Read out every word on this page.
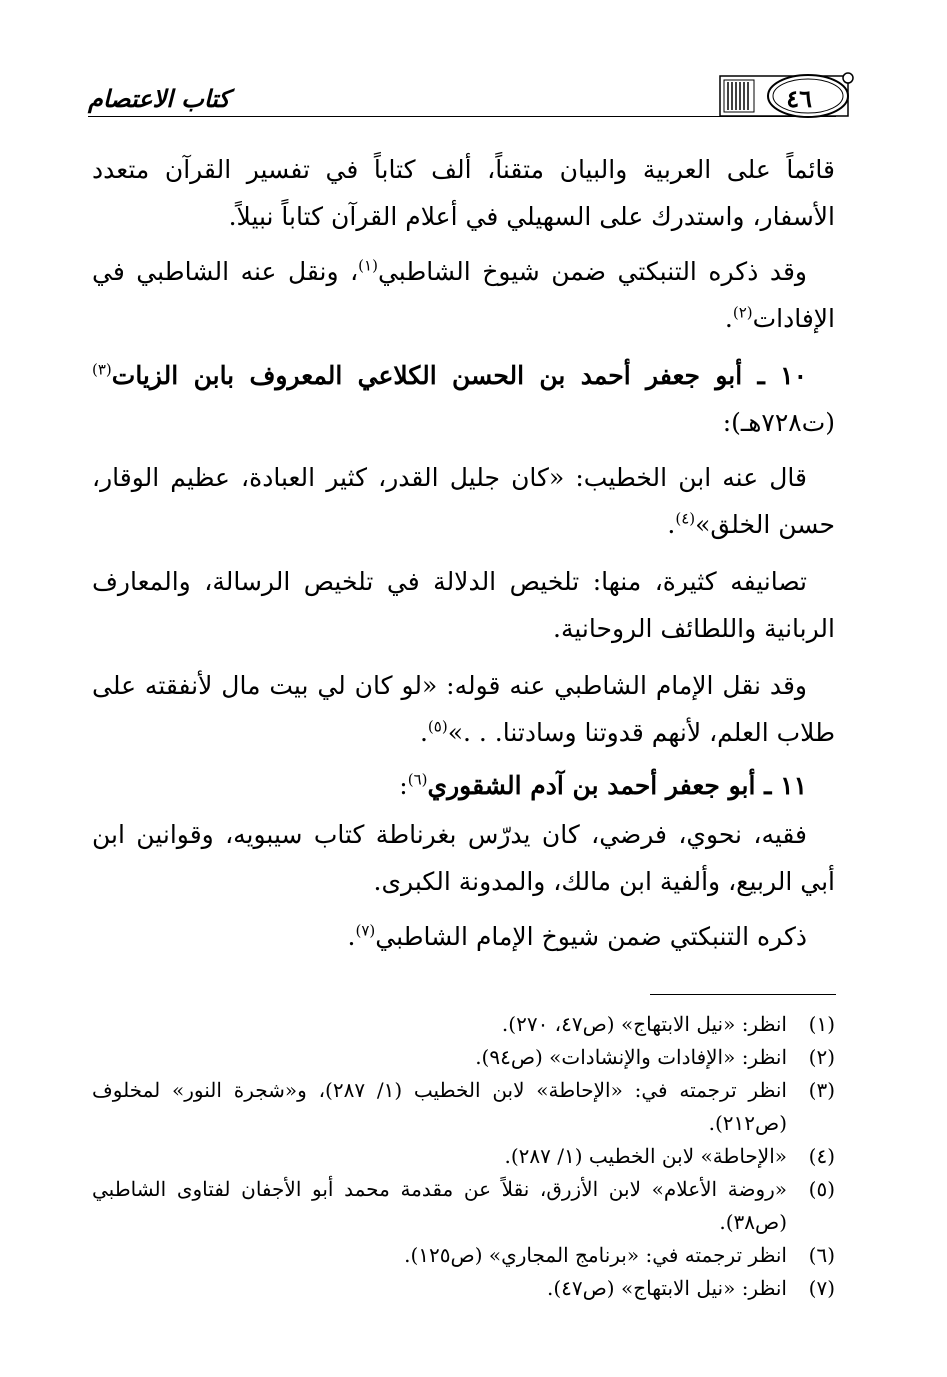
كتاب الاعتصام	٤٦

قائماً على العربية والبيان متقناً، ألف كتاباً في تفسير القرآن متعدد الأسفار، واستدرك على السهيلي في أعلام القرآن كتاباً نبيلاً.

وقد ذكره التنبكتي ضمن شيوخ الشاطبي$^{(١)}$، ونقل عنه الشاطبي في الإفادات$^{(٢)}$.

١٠ ـ أبو جعفر أحمد بن الحسن الكلاعي المعروف بابن الزيات$^{(٣)}$ (ت٧٢٨هـ):

قال عنه ابن الخطيب: «كان جليل القدر، كثير العبادة، عظيم الوقار، حسن الخلق»$^{(٤)}$.

تصانيفه كثيرة، منها: تلخيص الدلالة في تلخيص الرسالة، والمعارف الربانية واللطائف الروحانية.

وقد نقل الإمام الشاطبي عنه قوله: «لو كان لي بيت مال لأنفقته على طلاب العلم، لأنهم قدوتنا وسادتنا. . .»$^{(٥)}$.

١١ ـ أبو جعفر أحمد بن آدم الشقوري$^{(٦)}$:

فقيه، نحوي، فرضي، كان يدرّس بغرناطة كتاب سيبويه، وقوانين ابن أبي الربيع، وألفية ابن مالك، والمدونة الكبرى.

ذكره التنبكتي ضمن شيوخ الإمام الشاطبي$^{(٧)}$.

(١)
انظر: «نيل الابتهاج» (ص٤٧، ٢٧٠).
(٢)
انظر: «الإفادات والإنشادات» (ص٩٤).
(٣)
انظر ترجمته في: «الإحاطة» لابن الخطيب (١/ ٢٨٧)، و«شجرة النور» لمخلوف (ص٢١٢).
(٤)
«الإحاطة» لابن الخطيب (١/ ٢٨٧).
(٥)
«روضة الأعلام» لابن الأزرق، نقلاً عن مقدمة محمد أبو الأجفان لفتاوى الشاطبي (ص٣٨).
(٦)
انظر ترجمته في: «برنامج المجاري» (ص١٢٥).
(٧)
انظر: «نيل الابتهاج» (ص٤٧).
